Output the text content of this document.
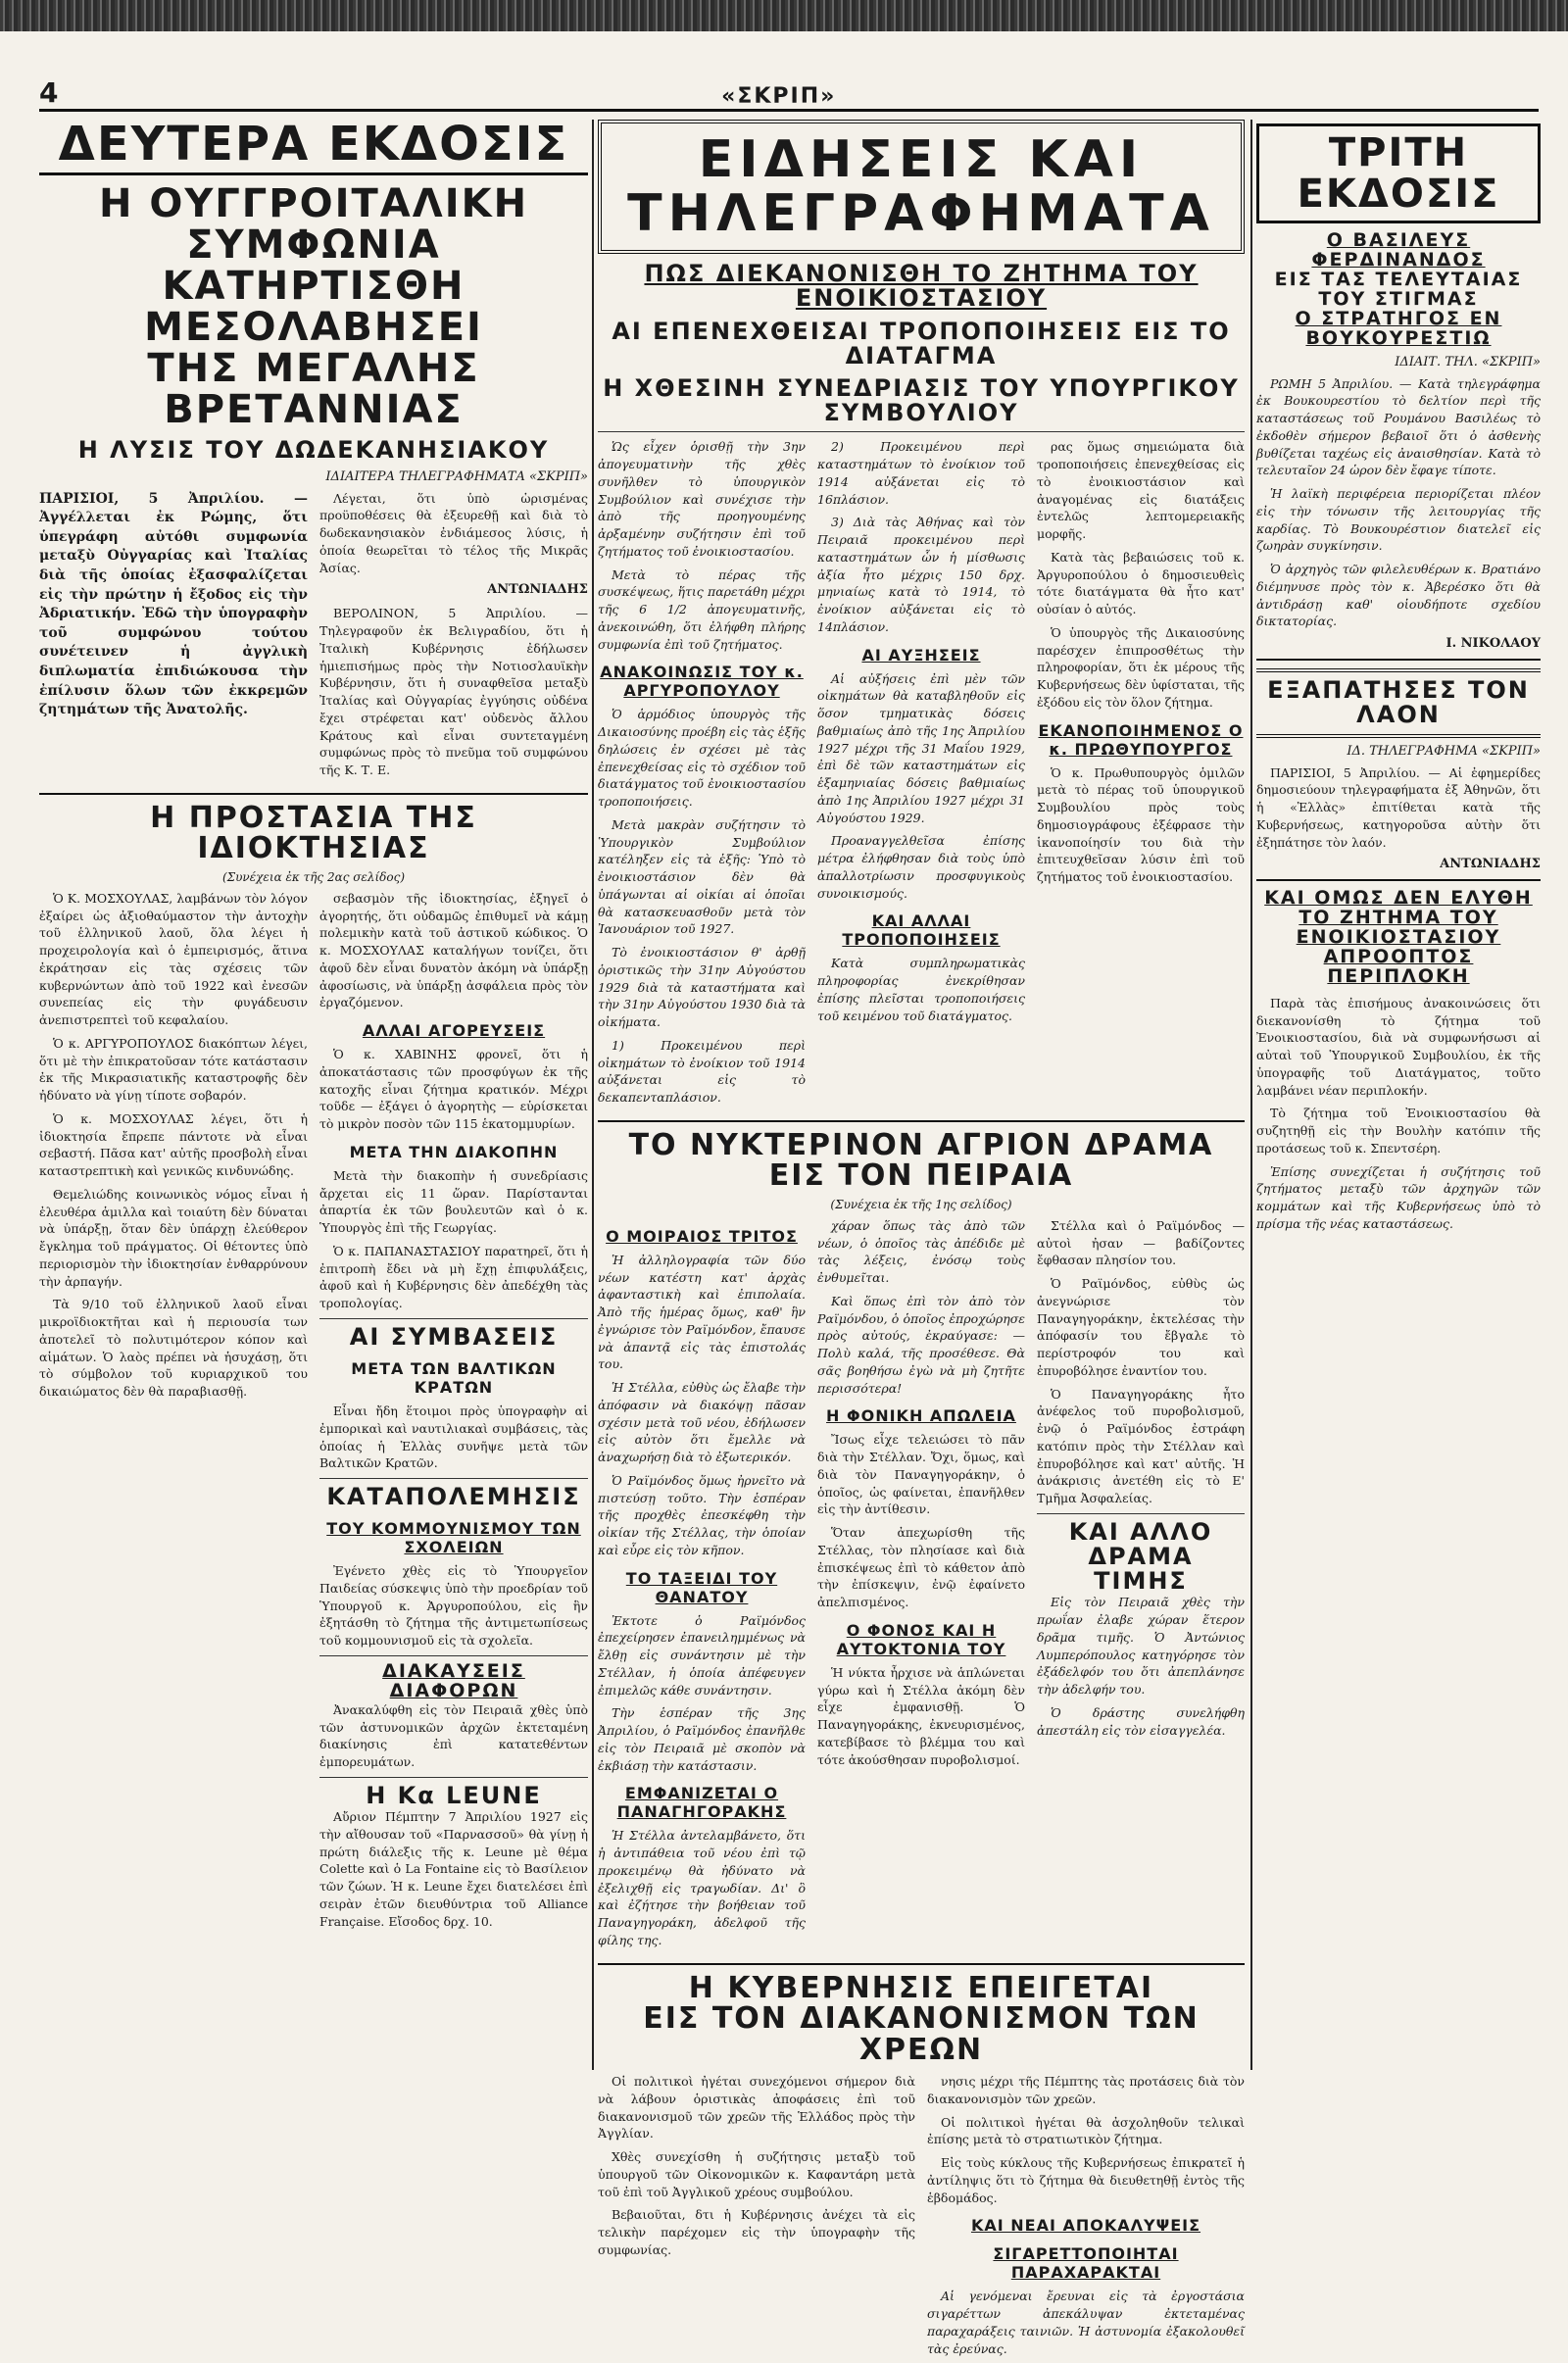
4	«ΣΚΡΙΠ»
ΔΕΥΤΕΡΑ ΕΚΔΟΣΙΣ
Η ΟΥΓΓΡΟΙΤΑΛΙΚΗ ΣΥΜΦΩΝΙΑ
ΚΑΤΗΡΤΙΣΘΗ ΜΕΣΟΛΑΒΗΣΕΙ
ΤΗΣ ΜΕΓΑΛΗΣ ΒΡΕΤΑΝΝΙΑΣ
Η ΛΥΣΙΣ ΤΟΥ ΔΩΔΕΚΑΝΗΣΙΑΚΟΥ
ΙΔΙΑΙΤΕΡΑ ΤΗΛΕΓΡΑΦΗΜΑΤΑ «ΣΚΡΙΠ»

ΠΑΡΙΣΙΟΙ, 5 Ἀπριλίου. — Ἀγγέλλεται ἐκ Ρώμης, ὅτι ὑπεγράφη αὐτόθι συμφωνία μεταξὺ Οὐγγαρίας καὶ Ἰταλίας διὰ τῆς ὁποίας ἐξασφαλίζεται εἰς τὴν πρώτην ἡ ἔξοδος εἰς τὴν Ἀδριατικήν. Ἐδῶ τὴν ὑπογραφὴν τοῦ συμφώνου τούτου συνέτεινεν ἡ ἀγγλικὴ διπλωματία ἐπιδιώκουσα τὴν ἐπίλυσιν ὅλων τῶν ἐκκρεμῶν ζητημάτων τῆς Ἀνατολῆς.

Λέγεται, ὅτι ὑπὸ ὡρισμένας προϋποθέσεις θὰ ἐξευρεθῇ καὶ διὰ τὸ δωδεκανησιακὸν ἐνδιάμεσος λύσις, ἡ ὁποία θεωρεῖται τὸ τέλος τῆς Μικρᾶς Ἀσίας.

ΑΝΤΩΝΙΑΔΗΣ

ΒΕΡΟΛΙΝΟΝ, 5 Ἀπριλίου. — Τηλεγραφοῦν ἐκ Βελιγραδίου, ὅτι ἡ Ἰταλικὴ Κυβέρνησις ἐδήλωσεν ἡμιεπισήμως πρὸς τὴν Νοτιοσλαυϊκὴν Κυβέρνησιν, ὅτι ἡ συναφθεῖσα μεταξὺ Ἰταλίας καὶ Οὐγγαρίας ἐγγύησις οὐδένα ἔχει στρέφεται κατ' οὐδενὸς ἄλλου Κράτους καὶ εἶναι συντεταγμένη συμφώνως πρὸς τὸ πνεῦμα τοῦ συμφώνου τῆς Κ. Τ. Ε.

Η ΠΡΟΣΤΑΣΙΑ ΤΗΣ ΙΔΙΟΚΤΗΣΙΑΣ
(Συνέχεια ἐκ τῆς 2ας σελίδος)

Ὁ Κ. ΜΟΣΧΟΥΛΑΣ, λαμβάνων τὸν λόγον ἐξαίρει ὡς ἀξιοθαύμαστον τὴν ἀντοχὴν τοῦ ἑλληνικοῦ λαοῦ, ὅλα λέγει ἡ προχειρολογία καὶ ὁ ἐμπειρισμός, ἅτινα ἐκράτησαν εἰς τὰς σχέσεις τῶν κυβερνώντων ἀπὸ τοῦ 1922 καὶ ἐνεσῶν συνεπείας εἰς τὴν φυγάδευσιν ἀνεπιστρεπτεὶ τοῦ κεφαλαίου.

Ὁ κ. ΑΡΓΥΡΟΠΟΥΛΟΣ διακόπτων λέγει, ὅτι μὲ τὴν ἐπικρατοῦσαν τότε κατάστασιν ἐκ τῆς Μικρασιατικῆς καταστροφῆς δὲν ἠδύνατο νὰ γίνῃ τίποτε σοβαρόν.

Ὁ κ. ΜΟΣΧΟΥΛΑΣ λέγει, ὅτι ἡ ἰδιοκτησία ἔπρεπε πάντοτε νὰ εἶναι σεβαστή. Πᾶσα κατ' αὐτῆς προσβολὴ εἶναι καταστρεπτικὴ καὶ γενικῶς κινδυνώδης.

Θεμελιώδης κοινωνικὸς νόμος εἶναι ἡ ἐλευθέρα ἁμιλλα καὶ τοιαύτη δὲν δύναται νὰ ὑπάρξῃ, ὅταν δὲν ὑπάρχῃ ἐλεύθερον ἔγκλημα τοῦ πράγματος. Οἱ θέτοντες ὑπὸ περιορισμὸν τὴν ἰδιοκτησίαν ἐνθαρρύνουν τὴν ἀρπαγήν.

Τὰ 9/10 τοῦ ἑλληνικοῦ λαοῦ εἶναι μικροϊδιοκτῆται καὶ ἡ περιουσία των ἀποτελεῖ τὸ πολυτιμότερον κόπον καὶ αἱμάτων. Ὁ λαὸς πρέπει νὰ ἡσυχάσῃ, ὅτι τὸ σύμβολον τοῦ κυριαρχικοῦ του δικαιώματος δὲν θὰ παραβιασθῇ.

σεβασμὸν τῆς ἰδιοκτησίας, ἐξηγεῖ ὁ ἀγορητής, ὅτι οὐδαμῶς ἐπιθυμεῖ νὰ κάμῃ πολεμικὴν κατὰ τοῦ ἀστικοῦ κώδικος. Ὁ κ. ΜΟΣΧΟΥΛΑΣ καταλήγων τονίζει, ὅτι ἀφοῦ δὲν εἶναι δυνατὸν ἀκόμη νὰ ὑπάρξῃ ἀφοσίωσις, νὰ ὑπάρξῃ ἀσφάλεια πρὸς τὸν ἐργαζόμενον.

ΑΛΛΑΙ ΑΓΟΡΕΥΣΕΙΣ

Ὁ κ. ΧΑΒΙΝΗΣ φρονεῖ, ὅτι ἡ ἀποκατάστασις τῶν προσφύγων ἐκ τῆς κατοχῆς εἶναι ζήτημα κρατικόν. Μέχρι τοῦδε — ἐξάγει ὁ ἀγορητὴς — εὑρίσκεται τὸ μικρὸν ποσὸν τῶν 115 ἑκατομμυρίων.

ΜΕΤΑ ΤΗΝ ΔΙΑΚΟΠΗΝ

Μετὰ τὴν διακοπὴν ἡ συνεδρίασις ἄρχεται εἰς 11 ὥραν. Παρίστανται ἀπαρτία ἐκ τῶν βουλευτῶν καὶ ὁ κ. Ὑπουργὸς ἐπὶ τῆς Γεωργίας.

Ὁ κ. ΠΑΠΑΝΑΣΤΑΣΙΟΥ παρατηρεῖ, ὅτι ἡ ἐπιτροπὴ ἔδει νὰ μὴ ἔχῃ ἐπιφυλάξεις, ἀφοῦ καὶ ἡ Κυβέρνησις δὲν ἀπεδέχθη τὰς τροπολογίας.

ΑΙ ΣΥΜΒΑΣΕΙΣ
ΜΕΤΑ ΤΩΝ ΒΑΛΤΙΚΩΝ ΚΡΑΤΩΝ

Εἶναι ἤδη ἕτοιμοι πρὸς ὑπογραφὴν αἱ ἐμπορικαὶ καὶ ναυτιλιακαὶ συμβάσεις, τὰς ὁποίας ἡ Ἑλλὰς συνῆψε μετὰ τῶν Βαλτικῶν Κρατῶν.

ΚΑΤΑΠΟΛΕΜΗΣΙΣ
ΤΟΥ ΚΟΜΜΟΥΝΙΣΜΟΥ ΤΩΝ ΣΧΟΛΕΙΩΝ

Ἐγένετο χθὲς εἰς τὸ Ὑπουργεῖον Παιδείας σύσκεψις ὑπὸ τὴν προεδρίαν τοῦ Ὑπουργοῦ κ. Ἀργυροπούλου, εἰς ἣν ἐξητάσθη τὸ ζήτημα τῆς ἀντιμετωπίσεως τοῦ κομμουνισμοῦ εἰς τὰ σχολεῖα.

ΔΙΑΚΑΥΣΕΙΣ ΔΙΑΦΟΡΩΝ

Ἀνακαλύφθη εἰς τὸν Πειραιᾶ χθὲς ὑπὸ τῶν ἀστυνομικῶν ἀρχῶν ἐκτεταμένη διακίνησις ἐπὶ κατατεθέντων ἐμπορευμάτων.

Η Κα LEUNE

Αὔριον Πέμπτην 7 Ἀπριλίου 1927 εἰς τὴν αἴθουσαν τοῦ «Παρνασσοῦ» θὰ γίνῃ ἡ πρώτη διάλεξις τῆς κ. Leune μὲ θέμα Colette καὶ ὁ La Fontaine εἰς τὸ Βασίλειον τῶν ζώων. Ἡ κ. Leune ἔχει διατελέσει ἐπὶ σειρὰν ἐτῶν διευθύντρια τοῦ Alliance Française. Εἴσοδος δρχ. 10.

ΕΙΔΗΣΕΙΣ ΚΑΙ ΤΗΛΕΓΡΑΦΗΜΑΤΑ
ΠΩΣ ΔΙΕΚΑΝΟΝΙΣΘΗ ΤΟ ΖΗΤΗΜΑ ΤΟΥ ΕΝΟΙΚΙΟΣΤΑΣΙΟΥ
ΑΙ ΕΠΕΝΕΧΘΕΙΣΑΙ ΤΡΟΠΟΠΟΙΗΣΕΙΣ ΕΙΣ ΤΟ ΔΙΑΤΑΓΜΑ
Η ΧΘΕΣΙΝΗ ΣΥΝΕΔΡΙΑΣΙΣ ΤΟΥ ΥΠΟΥΡΓΙΚΟΥ ΣΥΜΒΟΥΛΙΟΥ

Ὡς εἶχεν ὁρισθῇ τὴν 3ην ἀπογευματινὴν τῆς χθὲς συνῆλθεν τὸ ὑπουργικὸν Συμβούλιον καὶ συνέχισε τὴν ἀπὸ τῆς προηγουμένης ἀρξαμένην συζήτησιν ἐπὶ τοῦ ζητήματος τοῦ ἐνοικιοστασίου.

Μετὰ τὸ πέρας τῆς συσκέψεως, ἥτις παρετάθη μέχρι τῆς 6 1/2 ἀπογευματινῆς, ἀνεκοινώθη, ὅτι ἐλήφθη πλήρης συμφωνία ἐπὶ τοῦ ζητήματος.

ΑΝΑΚΟΙΝΩΣΙΣ ΤΟΥ κ. ΑΡΓΥΡΟΠΟΥΛΟΥ

Ὁ ἁρμόδιος ὑπουργὸς τῆς Δικαιοσύνης προέβη εἰς τὰς ἑξῆς δηλώσεις ἐν σχέσει μὲ τὰς ἐπενεχθείσας εἰς τὸ σχέδιον τοῦ διατάγματος τοῦ ἐνοικιοστασίου τροποποιήσεις.

Μετὰ μακρὰν συζήτησιν τὸ Ὑπουργικὸν Συμβούλιον κατέληξεν εἰς τὰ ἑξῆς: Ὑπὸ τὸ ἐνοικιοστάσιον δὲν θὰ ὑπάγωνται αἱ οἰκίαι αἱ ὁποῖαι θὰ κατασκευασθοῦν μετὰ τὸν Ἰανουάριον τοῦ 1927.

Τὸ ἐνοικιοστάσιον θ' ἀρθῇ ὁριστικῶς τὴν 31ην Αὐγούστου 1929 διὰ τὰ καταστήματα καὶ τὴν 31ην Αὐγούστου 1930 διὰ τὰ οἰκήματα.

1) Προκειμένου περὶ οἰκημάτων τὸ ἐνοίκιον τοῦ 1914 αὐξάνεται εἰς τὸ δεκαπενταπλάσιον.

2) Προκειμένου περὶ καταστημάτων τὸ ἐνοίκιον τοῦ 1914 αὐξάνεται εἰς τὸ 16πλάσιον.

3) Διὰ τὰς Ἀθήνας καὶ τὸν Πειραιᾶ προκειμένου περὶ καταστημάτων ὧν ἡ μίσθωσις ἀξία ἦτο μέχρις 150 δρχ. μηνιαίως κατὰ τὸ 1914, τὸ ἐνοίκιον αὐξάνεται εἰς τὸ 14πλάσιον.

ΑΙ ΑΥΞΗΣΕΙΣ

Αἱ αὐξήσεις ἐπὶ μὲν τῶν οἰκημάτων θὰ καταβληθοῦν εἰς ὅσον τμηματικὰς δόσεις βαθμιαίως ἀπὸ τῆς 1ης Ἀπριλίου 1927 μέχρι τῆς 31 Μαΐου 1929, ἐπὶ δὲ τῶν καταστημάτων εἰς ἑξαμηνιαίας δόσεις βαθμιαίως ἀπὸ 1ης Ἀπριλίου 1927 μέχρι 31 Αὐγούστου 1929.

Προαναγγελθεῖσα ἐπίσης μέτρα ἐλήφθησαν διὰ τοὺς ὑπὸ ἀπαλλοτρίωσιν προσφυγικοὺς συνοικισμούς.

ΚΑΙ ΑΛΛΑΙ ΤΡΟΠΟΠΟΙΗΣΕΙΣ

Κατὰ συμπληρωματικὰς πληροφορίας ἐνεκρίθησαν ἐπίσης πλεῖσται τροποποιήσεις τοῦ κειμένου τοῦ διατάγματος.

ρας ὅμως σημειώματα διὰ τροποποιήσεις ἐπενεχθείσας εἰς τὸ ἐνοικιοστάσιον καὶ ἀναγομένας εἰς διατάξεις ἐντελῶς λεπτομερειακῆς μορφῆς.

Κατὰ τὰς βεβαιώσεις τοῦ κ. Ἀργυροπούλου ὁ δημοσιευθεὶς τότε διατάγματα θὰ ἦτο κατ' οὐσίαν ὁ αὐτός.

Ὁ ὑπουργὸς τῆς Δικαιοσύνης παρέσχεν ἐπιπροσθέτως τὴν πληροφορίαν, ὅτι ἐκ μέρους τῆς Κυβερνήσεως δὲν ὑφίσταται, τῆς ἐξόδου εἰς τὸν ὅλον ζήτημα.

ΕΚΑΝΟΠΟΙΗΜΕΝΟΣ Ο κ. ΠΡΩΘΥΠΟΥΡΓΟΣ

Ὁ κ. Πρωθυπουργὸς ὁμιλῶν μετὰ τὸ πέρας τοῦ ὑπουργικοῦ Συμβουλίου πρὸς τοὺς δημοσιογράφους ἐξέφρασε τὴν ἱκανοποίησίν του διὰ τὴν ἐπιτευχθεῖσαν λύσιν ἐπὶ τοῦ ζητήματος τοῦ ἐνοικιοστασίου.

ΤΟ ΝΥΚΤΕΡΙΝΟΝ ΑΓΡΙΟΝ ΔΡΑΜΑ ΕΙΣ ΤΟΝ ΠΕΙΡΑΙΑ
(Συνέχεια ἐκ τῆς 1ης σελίδος)
Ο ΜΟΙΡΑΙΟΣ ΤΡΙΤΟΣ

Ἡ ἀλληλογραφία τῶν δύο νέων κατέστη κατ' ἀρχὰς ἀφανταστικὴ καὶ ἐπιπολαία. Ἀπὸ τῆς ἡμέρας ὅμως, καθ' ἣν ἐγνώρισε τὸν Ραϊμόνδον, ἔπαυσε νὰ ἀπαντᾷ εἰς τὰς ἐπιστολάς του.

Ἡ Στέλλα, εὐθὺς ὡς ἔλαβε τὴν ἀπόφασιν νὰ διακόψῃ πᾶσαν σχέσιν μετὰ τοῦ νέου, ἐδήλωσεν εἰς αὐτὸν ὅτι ἔμελλε νὰ ἀναχωρήσῃ διὰ τὸ ἐξωτερικόν.

Ὁ Ραϊμόνδος ὅμως ἠρνεῖτο νὰ πιστεύσῃ τοῦτο. Τὴν ἑσπέραν τῆς προχθὲς ἐπεσκέφθη τὴν οἰκίαν τῆς Στέλλας, τὴν ὁποίαν καὶ εὗρε εἰς τὸν κῆπον.

ΤΟ ΤΑΞΕΙΔΙ ΤΟΥ ΘΑΝΑΤΟΥ

Ἐκτοτε ὁ Ραϊμόνδος ἐπεχείρησεν ἐπανειλημμένως νὰ ἔλθῃ εἰς συνάντησιν μὲ τὴν Στέλλαν, ἡ ὁποία ἀπέφευγεν ἐπιμελῶς κάθε συνάντησιν.

Τὴν ἑσπέραν τῆς 3ης Ἀπριλίου, ὁ Ραϊμόνδος ἐπανῆλθε εἰς τὸν Πειραιᾶ μὲ σκοπὸν νὰ ἐκβιάσῃ τὴν κατάστασιν.

ΕΜΦΑΝΙΖΕΤΑΙ Ο ΠΑΝΑΓΗΓΟΡΑΚΗΣ

Ἡ Στέλλα ἀντελαμβάνετο, ὅτι ἡ ἀντιπάθεια τοῦ νέου ἐπὶ τῷ προκειμένῳ θὰ ἠδύνατο νὰ ἐξελιχθῇ εἰς τραγωδίαν. Δι' ὃ καὶ ἐζήτησε τὴν βοήθειαν τοῦ Παναγηγοράκη, ἀδελφοῦ τῆς φίλης της.

χάραν ὅπως τὰς ἀπὸ τῶν νέων, ὁ ὁποῖος τὰς ἀπέδιδε μὲ τὰς λέξεις, ἐνόσῳ τοὺς ἐνθυμεῖται.

Καὶ ὅπως ἐπὶ τὸν ἀπὸ τὸν Ραϊμόνδου, ὁ ὁποῖος ἐπροχώρησε πρὸς αὐτούς, ἐκραύγασε: — Πολὺ καλά, τῆς προσέθεσε. Θὰ σᾶς βοηθήσω ἐγὼ νὰ μὴ ζητῆτε περισσότερα!

Η ΦΟΝΙΚΗ ΑΠΩΛΕΙΑ

Ἴσως εἶχε τελειώσει τὸ πᾶν διὰ τὴν Στέλλαν. Ὄχι, ὅμως, καὶ διὰ τὸν Παναγηγοράκην, ὁ ὁποῖος, ὡς φαίνεται, ἐπανῆλθεν εἰς τὴν ἀντίθεσιν.

Ὅταν ἀπεχωρίσθη τῆς Στέλλας, τὸν πλησίασε καὶ διὰ ἐπισκέψεως ἐπὶ τὸ κάθετον ἀπὸ τὴν ἐπίσκεψιν, ἐνῷ ἐφαίνετο ἀπελπισμένος.

Ο ΦΟΝΟΣ ΚΑΙ Η ΑΥΤΟΚΤΟΝΙΑ ΤΟΥ

Ἡ νύκτα ἦρχισε νὰ ἁπλώνεται γύρω καὶ ἡ Στέλλα ἀκόμη δὲν εἶχε ἐμφανισθῇ. Ὁ Παναγηγοράκης, ἐκνευρισμένος, κατεβίβασε τὸ βλέμμα του καὶ τότε ἀκούσθησαν πυροβολισμοί.

Στέλλα καὶ ὁ Ραϊμόνδος — αὐτοὶ ἠσαν — βαδίζοντες ἔφθασαν πλησίον του.

Ὁ Ραϊμόνδος, εὐθὺς ὡς ἀνεγνώρισε τὸν Παναγηγοράκην, ἐκτελέσας τὴν ἀπόφασίν του ἔβγαλε τὸ περίστροφόν του καὶ ἐπυροβόλησε ἐναντίον του.

Ὁ Παναγηγοράκης ἦτο ἀνέφελος τοῦ πυροβολισμοῦ, ἐνῷ ὁ Ραϊμόνδος ἐστράφη κατόπιν πρὸς τὴν Στέλλαν καὶ ἐπυροβόλησε καὶ κατ' αὐτῆς. Ἡ ἀνάκρισις ἀνετέθη εἰς τὸ Ε' Τμῆμα Ἀσφαλείας.

ΚΑΙ ΑΛΛΟ ΔΡΑΜΑ ΤΙΜΗΣ

Εἰς τὸν Πειραιᾶ χθὲς τὴν πρωΐαν ἐλαβε χώραν ἕτερον δρᾶμα τιμῆς. Ὁ Ἀντώνιος Λυμπερόπουλος κατηγόρησε τὸν ἐξάδελφόν του ὅτι ἀπεπλάνησε τὴν ἀδελφήν του.

Ὁ δράστης συνελήφθη ἀπεστάλη εἰς τὸν εἰσαγγελέα.

Η ΚΥΒΕΡΝΗΣΙΣ ΕΠΕΙΓΕΤΑΙ
ΕΙΣ ΤΟΝ ΔΙΑΚΑΝΟΝΙΣΜΟΝ ΤΩΝ ΧΡΕΩΝ

Οἱ πολιτικοὶ ἠγέται συνεχόμενοι σήμερον διὰ νὰ λάβουν ὁριστικὰς ἀποφάσεις ἐπὶ τοῦ διακανονισμοῦ τῶν χρεῶν τῆς Ἑλλάδος πρὸς τὴν Ἀγγλίαν.

Χθὲς συνεχίσθη ἡ συζήτησις μεταξὺ τοῦ ὑπουργοῦ τῶν Οἰκονομικῶν κ. Καφαντάρη μετὰ τοῦ ἐπὶ τοῦ Ἀγγλικοῦ χρέους συμβούλου.

Βεβαιοῦται, δτι ἡ Κυβέρνησις ἀνέχει τὰ εἰς τελικὴν παρέχομεν εἰς τὴν ὑπογραφὴν τῆς συμφωνίας.

νησις μέχρι τῆς Πέμπτης τὰς προτάσεις διὰ τὸν διακανονισμὸν τῶν χρεῶν.

Οἱ πολιτικοὶ ἠγέται θὰ ἀσχοληθοῦν τελικαὶ ἐπίσης μετὰ τὸ στρατιωτικὸν ζήτημα.

Εἰς τοὺς κύκλους τῆς Κυβερνήσεως ἐπικρατεῖ ἡ ἀντίληψις ὅτι τὸ ζήτημα θὰ διευθετηθῇ ἐντὸς τῆς ἑβδομάδος.

ΚΑΙ ΝΕΑΙ ΑΠΟΚΑΛΥΨΕΙΣ
ΣΙΓΑΡΕΤΤΟΠΟΙΗΤΑΙ ΠΑΡΑΧΑΡΑΚΤΑΙ

Αἱ γενόμεναι ἔρευναι εἰς τὰ ἐργοστάσια σιγαρέττων ἀπεκάλυψαν ἐκτεταμένας παραχαράξεις ταινιῶν. Ἡ ἀστυνομία ἐξακολουθεῖ τὰς ἐρεύνας.

ΤΡΙΤΗ ΕΚΔΟΣΙΣ
Ο ΒΑΣΙΛΕΥΣ ΦΕΡΔΙΝΑΝΔΟΣ
ΕΙΣ ΤΑΣ ΤΕΛΕΥΤΑΙΑΣ ΤΟΥ ΣΤΙΓΜΑΣ
Ο ΣΤΡΑΤΗΓΟΣ ΕΝ ΒΟΥΚΟΥΡΕΣΤΙΩ
ΙΔΙΑΙΤ. ΤΗΛ. «ΣΚΡΙΠ»

ΡΩΜΗ 5 Ἀπριλίου. — Κατὰ τηλεγράφημα ἐκ Βουκουρεστίου τὸ δελτίον περὶ τῆς καταστάσεως τοῦ Ρουμάνου Βασιλέως τὸ ἐκδοθὲν σήμερον βεβαιοῖ ὅτι ὁ ἀσθενὴς βυθίζεται ταχέως εἰς ἀναισθησίαν. Κατὰ τὸ τελευταῖον 24 ὡρον δὲν ἔφαγε τίποτε.

Ἡ λαϊκὴ περιφέρεια περιορίζεται πλέον εἰς τὴν τόνωσιν τῆς λειτουργίας τῆς καρδίας. Τὸ Βουκουρέστιον διατελεῖ εἰς ζωηρὰν συγκίνησιν.

Ὁ ἀρχηγὸς τῶν φιλελευθέρων κ. Βρατιάνο διέμηνυσε πρὸς τὸν κ. Ἀβερέσκο ὅτι θὰ ἀντιδράσῃ καθ' οἱουδήποτε σχεδίου δικτατορίας.

Ι. ΝΙΚΟΛΑΟΥ
ΕΞΑΠΑΤΗΣΕΣ ΤΟΝ ΛΑΟΝ
ΙΔ. ΤΗΛΕΓΡΑΦΗΜΑ «ΣΚΡΙΠ»

ΠΑΡΙΣΙΟΙ, 5 Ἀπριλίου. — Αἱ ἐφημερίδες δημοσιεύουν τηλεγραφήματα ἐξ Ἀθηνῶν, ὅτι ἡ «Ἑλλὰς» ἐπιτίθεται κατὰ τῆς Κυβερνήσεως, κατηγοροῦσα αὐτὴν ὅτι ἐξηπάτησε τὸν λαόν.

ΑΝΤΩΝΙΑΔΗΣ
ΚΑΙ ΟΜΩΣ ΔΕΝ ΕΛΥΘΗ
ΤΟ ΖΗΤΗΜΑ ΤΟΥ ΕΝΟΙΚΙΟΣΤΑΣΙΟΥ
ΑΠΡΟΟΠΤΟΣ ΠΕΡΙΠΛΟΚΗ

Παρὰ τὰς ἐπισήμους ἀνακοινώσεις ὅτι διεκανονίσθη τὸ ζήτημα τοῦ Ἐνοικιοστασίου, διὰ νὰ συμφωνήσωσι αἱ αὐταὶ τοῦ Ὑπουργικοῦ Συμβουλίου, ἐκ τῆς ὑπογραφῆς τοῦ Διατάγματος, τοῦτο λαμβάνει νέαν περιπλοκήν.

Τὸ ζήτημα τοῦ Ἐνοικιοστασίου θὰ συζητηθῇ εἰς τὴν Βουλὴν κατόπιν τῆς προτάσεως τοῦ κ. Σπεντσέρη.

Ἐπίσης συνεχίζεται ἡ συζήτησις τοῦ ζητήματος μεταξὺ τῶν ἀρχηγῶν τῶν κομμάτων καὶ τῆς Κυβερνήσεως ὑπὸ τὸ πρίσμα τῆς νέας καταστάσεως.
